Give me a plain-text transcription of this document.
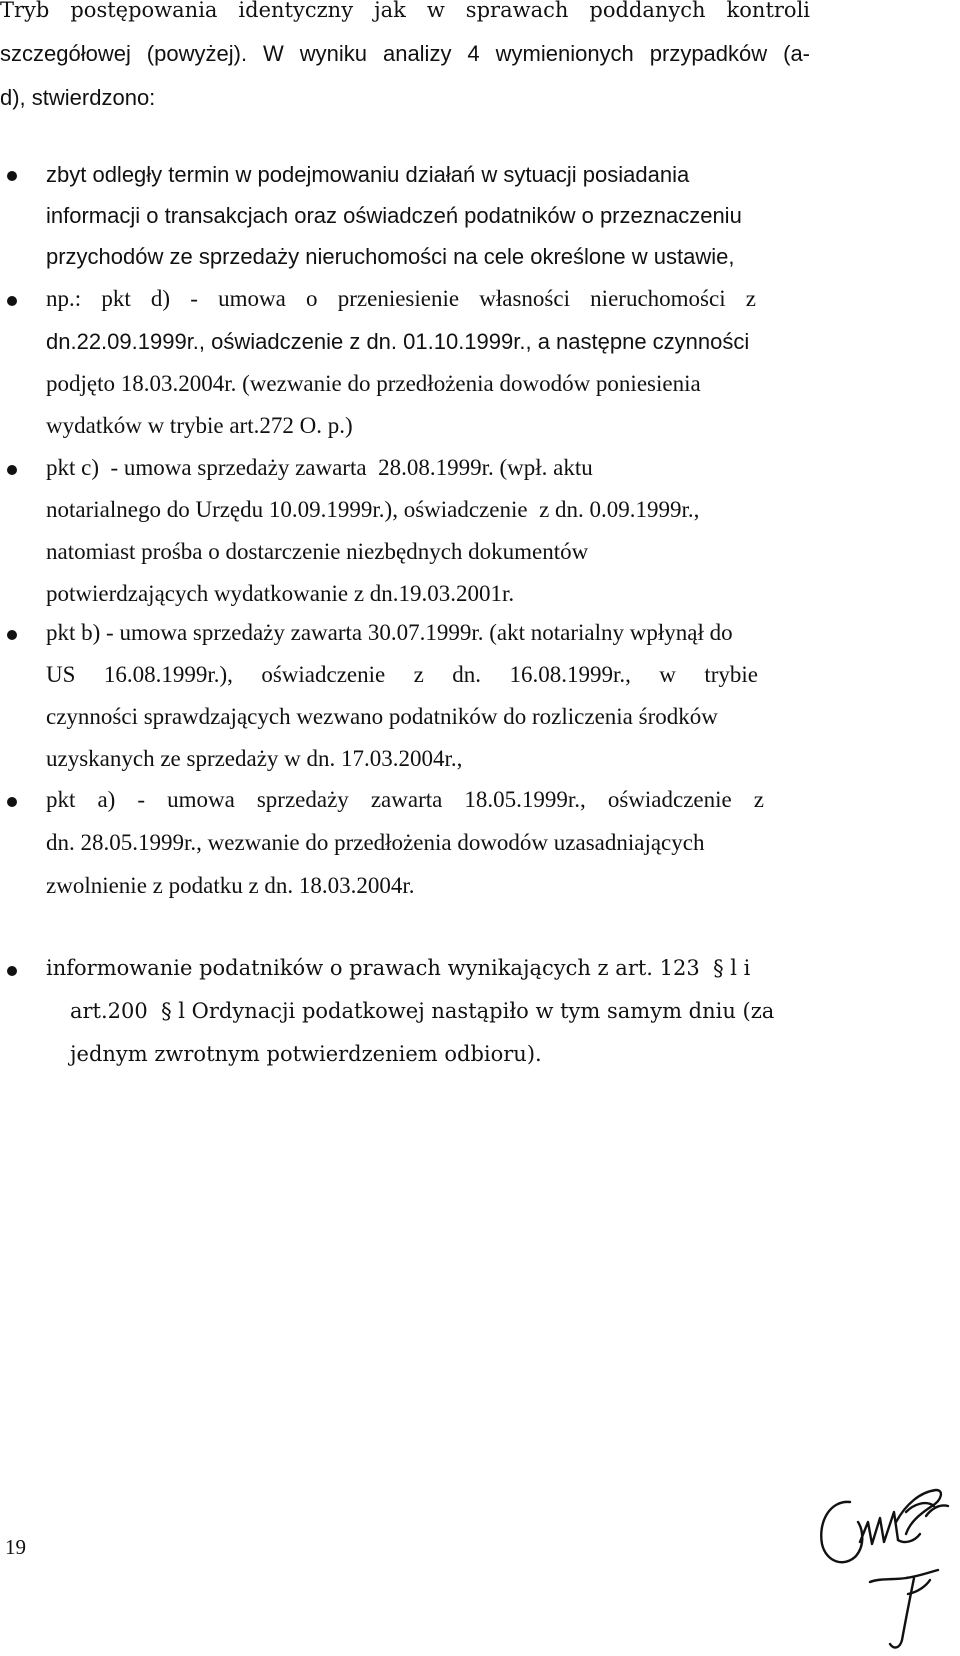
Tryb postępowania identyczny jak w sprawach poddanych kontroli
szczegółowej (powyżej). W wyniku analizy 4 wymienionych przypadków (a-
d), stwierdzono:
zbyt odległy termin w podejmowaniu działań w sytuacji posiadania
informacji o transakcjach oraz oświadczeń podatników o przeznaczeniu
przychodów ze sprzedaży nieruchomości na cele określone w ustawie,
np.: pkt d) - umowa o przeniesienie własności nieruchomości z
dn.22.09.1999r., oświadczenie z dn. 01.10.1999r., a następne czynności
podjęto 18.03.2004r. (wezwanie do przedłożenia dowodów poniesienia
wydatków w trybie art.272 O. p.)
pkt c)  - umowa sprzedaży zawarta  28.08.1999r. (wpł. aktu
notarialnego do Urzędu 10.09.1999r.), oświadczenie  z dn. 0.09.1999r.,
natomiast prośba o dostarczenie niezbędnych dokumentów
potwierdzających wydatkowanie z dn.19.03.2001r.
pkt b) - umowa sprzedaży zawarta 30.07.1999r. (akt notarialny wpłynął do
US 16.08.1999r.), oświadczenie z dn. 16.08.1999r., w trybie
czynności sprawdzających wezwano podatników do rozliczenia środków
uzyskanych ze sprzedaży w dn. 17.03.2004r.,
pkt a) - umowa sprzedaży zawarta 18.05.1999r., oświadczenie z
dn. 28.05.1999r., wezwanie do przedłożenia dowodów uzasadniających
zwolnienie z podatku z dn. 18.03.2004r.
informowanie podatników o prawach wynikających z art. 123  § l i
art.200  § l Ordynacji podatkowej nastąpiło w tym samym dniu (za
jednym zwrotnym potwierdzeniem odbioru).
19
